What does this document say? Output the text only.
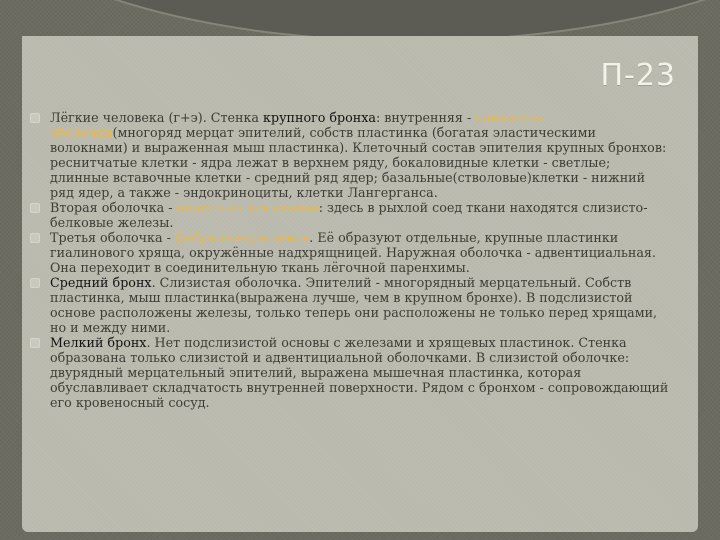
П-23

Лёгкие человека (г+э). Стенка крупного бронха: внутренняя - слизистая оболочка(многоряд мерцат эпителий, собств пластинка (богатая эластическими волокнами) и выраженная мыш пластинка). Клеточный состав эпителия крупных бронхов: реснитчатые клетки - ядра лежат в верхнем ряду, бокаловидные клетки - светлые; длинные вставочные клетки - средний ряд ядер; базальные(стволовые)клетки - нижний ряд ядер, а также - эндокриноциты, клетки Лангерганса.

Вторая оболочка - подслизистая основа: здесь в рыхлой соед ткани находятся слизисто-белковые железы.

Третья оболочка - фиброзно-хрящевая. Её образуют отдельные, крупные пластинки гиалинового хряща, окружённые надхрящницей. Наружная оболочка - адвентициальная. Она переходит в соединительную ткань лёгочной паренхимы.

Средний бронх. Слизистая оболочка. Эпителий - многорядный мерцательный. Собств пластинка, мыш пластинка(выражена лучше, чем в крупном бронхе). В подслизистой основе расположены железы, только теперь они расположены не только перед хрящами, но и между ними.

Мелкий бронх. Нет подслизистой основы с железами и хрящевых пластинок. Стенка образована только слизистой и адвентициальной оболочками. В слизистой оболочке: двурядный мерцательный эпителий, выражена мышечная пластинка, которая обуславливает складчатость внутренней поверхности. Рядом с бронхом - сопровождающий его кровеносный сосуд.
